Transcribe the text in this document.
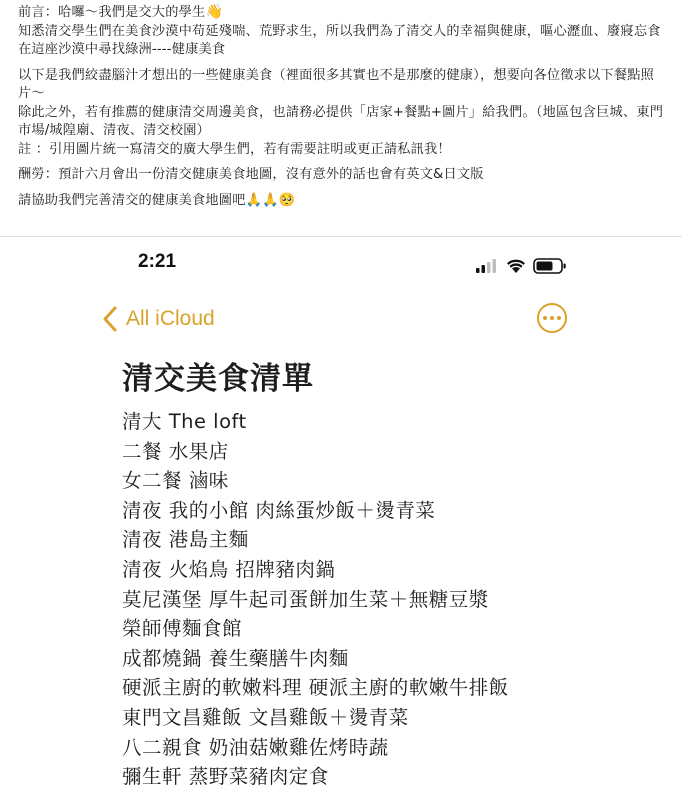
前言：哈囉～我們是交大的學生👋

知悉清交學生們在美食沙漠中苟延殘喘、荒野求生，所以我們為了清交人的幸福與健康，嘔心瀝血、廢寢忘食在這座沙漠中尋找綠洲----健康美食

以下是我們絞盡腦汁才想出的一些健康美食（裡面很多其實也不是那麼的健康），想要向各位徵求以下餐點照片～

除此之外，若有推薦的健康清交周邊美食，也請務必提供「店家+餐點+圖片」給我們。（地區包含巨城、東門市場/城隍廟、清夜、清交校園）

註 ：引用圖片統一寫清交的廣大學生們，若有需要註明或更正請私訊我！

酬勞：預計六月會出一份清交健康美食地圖，沒有意外的話也會有英文&日文版

請協助我們完善清交的健康美食地圖吧🙏🙏🥺

2:21
All iCloud
清交美食清單
清大 The loft
二餐 水果店
女二餐 滷味
清夜 我的小館 肉絲蛋炒飯＋燙青菜
清夜 港島主麵
清夜 火焰鳥 招牌豬肉鍋
莫尼漢堡 厚牛起司蛋餅加生菜＋無糖豆漿
榮師傅麵食館
成都燒鍋 養生藥膳牛肉麵
硬派主廚的軟嫩料理 硬派主廚的軟嫩牛排飯
東門文昌雞飯 文昌雞飯＋燙青菜
八二親食 奶油菇嫩雞佐烤時蔬
彌生軒 蒸野菜豬肉定食
